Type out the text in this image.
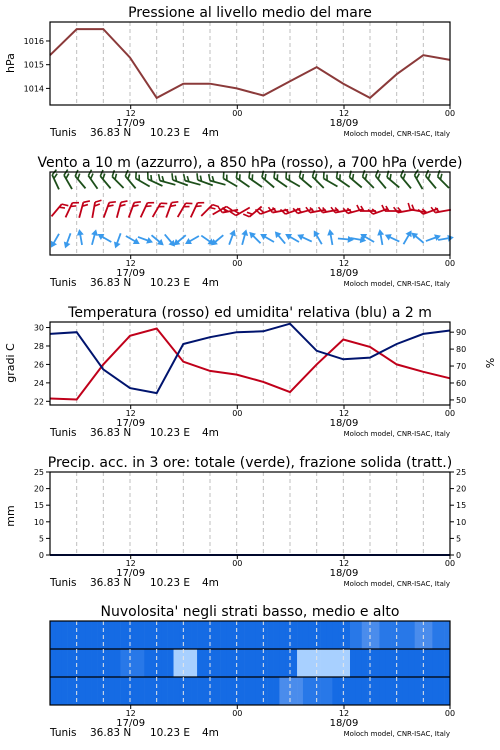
Pressione al livello medio del mare
1014
1015
1016
hPa
12	00	12	00
17/09	18/09
Tunis 36.83 N 10.23 E 4m	Moloch model, CNR-ISAC, Italy
Vento a 10 m (azzurro), a 850 hPa (rosso), a 700 hPa (verde)
12	00	12	00
17/09	18/09
Tunis 36.83 N 10.23 E 4m	Moloch model, CNR-ISAC, Italy
Temperatura (rosso) ed umidita' relativa (blu) a 2 m
22
24
26
28
30
50
60
70
80
90
gradi C	%
12	00	12	00
17/09	18/09
Tunis 36.83 N 10.23 E 4m	Moloch model, CNR-ISAC, Italy
Precip. acc. in 3 ore: totale (verde), frazione solida (tratt.)
0
5
10
15
20
25
0
5
10
15
20
25
mm
12	00	12	00
17/09	18/09
Tunis 36.83 N 10.23 E 4m	Moloch model, CNR-ISAC, Italy
Nuvolosita' negli strati basso, medio e alto
12	00	12	00
17/09	18/09
Tunis 36.83 N 10.23 E 4m	Moloch model, CNR-ISAC, Italy
